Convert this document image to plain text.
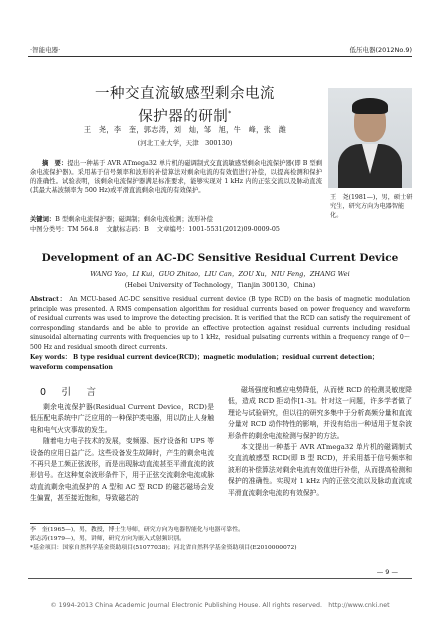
·智能电器·	低压电器(2012No.9)
一种交直流敏感型剩余电流
保护器的研制*
王　尧，李　奎，郭志涛，刘　灿，邹　旭，牛　峰，张　潍
(河北工业大学，天津　300130)
王　尧(1981—)，男，硕士研究生，研究方向为电器智能化。
摘　要：提出一种基于 AVR ATmega32 单片机的磁调制式交直流敏感型剩余电流保护器(即 B 型剩余电流保护器)。采用基于信号频率和波形的补偿算法对剩余电流的有效值进行补偿，以提高检测和保护的准确性。试验表明，该剩余电流保护器满足标准要求，能够实现对 1 kHz 内的正弦交流以及脉动直流(其最大基波频率为 500 Hz)或平滑直流剩余电流的有效保护。
关键词：B 型剩余电流保护器；磁调制；剩余电流检测；波形补偿
中图分类号：TM 564.8 文献标志码：B 文章编号：1001-5531(2012)09-0009-05
Development of an AC-DC Sensitive Residual Current Device
WANG Yao，LI Kui，GUO Zhitao，LIU Can，ZOU Xu，NIU Feng，ZHANG Wei
(Hebei University of Technology，Tianjin 300130，China)
Abstract： An MCU-based AC-DC sensitive residual current device (B type RCD) on the basis of magnetic modulation principle was presented. A RMS compensation algorithm for residual currents based on power frequency and waveform of residual currents was used to improve the detecting precision. It is verified that the RCD can satisfy the requirement of corresponding standards and be able to provide an effective protection against residual currents including residual sinusoidal alternating currents with frequencies up to 1 kHz，residual pulsating currents within a frequency range of 0～500 Hz and residual smooth direct currents.
Key words： B type residual current device(RCD)；magnetic modulation；residual current detection；waveform compensation
0　引　言

剩余电流保护器(Residual Current Device，RCD)是低压配电系统中广泛应用的一种保护类电器，用以防止人身触电和电气火灾事故的发生。

随着电力电子技术的发展，变频器、医疗设备和 UPS 等设备的应用日益广泛。这些设备发生故障时，产生的剩余电流不再只是工频正弦波形，而是出现脉动直流甚至平滑直流的波形信号。在这种复杂波形条件下，用于正弦交流剩余电流或脉动直流剩余电流保护的 A 型和 AC 型 RCD 的磁芯磁场会发生偏置，甚至接近饱和，导致磁芯的

磁场强度和感应电势降低，从而使 RCD 的检测灵敏度降低，造成 RCD 拒动作[1-3]。针对这一问题，许多学者做了理论与试验研究，但以往的研究多集中于分析高频分量和直流分量对 RCD 动作特性的影响，并没有给出一种适用于复杂波形条件的剩余电流检测与保护的方法。

本文提出一种基于 AVR ATmega32 单片机的磁调制式交直流敏感型 RCD(即 B 型 RCD)，并采用基于信号频率和波形的补偿算法对剩余电流有效值进行补偿，从而提高检测和保护的准确性。实现对 1 kHz 内的正弦交流以及脉动直流或平滑直流剩余电流的有效保护。

李　奎(1965—)，男，教授，博士生导师，研究方向为电器智能化与电器可靠性。
郭志涛(1979—)，男，讲师，研究方向为嵌入式射频识别。
*基金项目：国家自然科学基金资助项目(51077038)；河北省自然科学基金资助项目(E2010000072)
— 9 —
© 1994-2013 China Academic Journal Electronic Publishing House. All rights reserved.　http://www.cnki.net
